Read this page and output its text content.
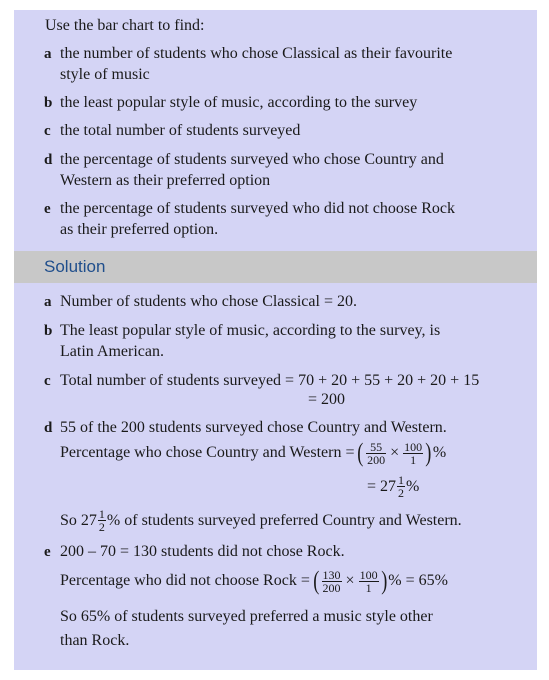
Use the bar chart to find:
a the number of students who chose Classical as their favourite
style of music
b the least popular style of music, according to the survey
c the total number of students surveyed
d the percentage of students surveyed who chose Country and
Western as their preferred option
e the percentage of students surveyed who did not choose Rock
as their preferred option.
Solution
a Number of students who chose Classical = 20.
b The least popular style of music, according to the survey, is
Latin American.
c Total number of students surveyed = 70 + 20 + 55 + 20 + 20 + 15
= 200
d 55 of the 200 students surveyed chose Country and Western.
Percentage who chose Country and Western = ( $\frac{55}{200} \times \frac{100}{1}$ ) %
= $27 \frac{1}{2}$ %
So $27 \frac{1}{2}$ % of students surveyed preferred Country and Western.
e 200 – 70 = 130 students did not chose Rock.
Percentage who did not choose Rock = ( $\frac{130}{200} \times \frac{100}{1}$ ) % = 65%
So 65% of students surveyed preferred a music style other
than Rock.
